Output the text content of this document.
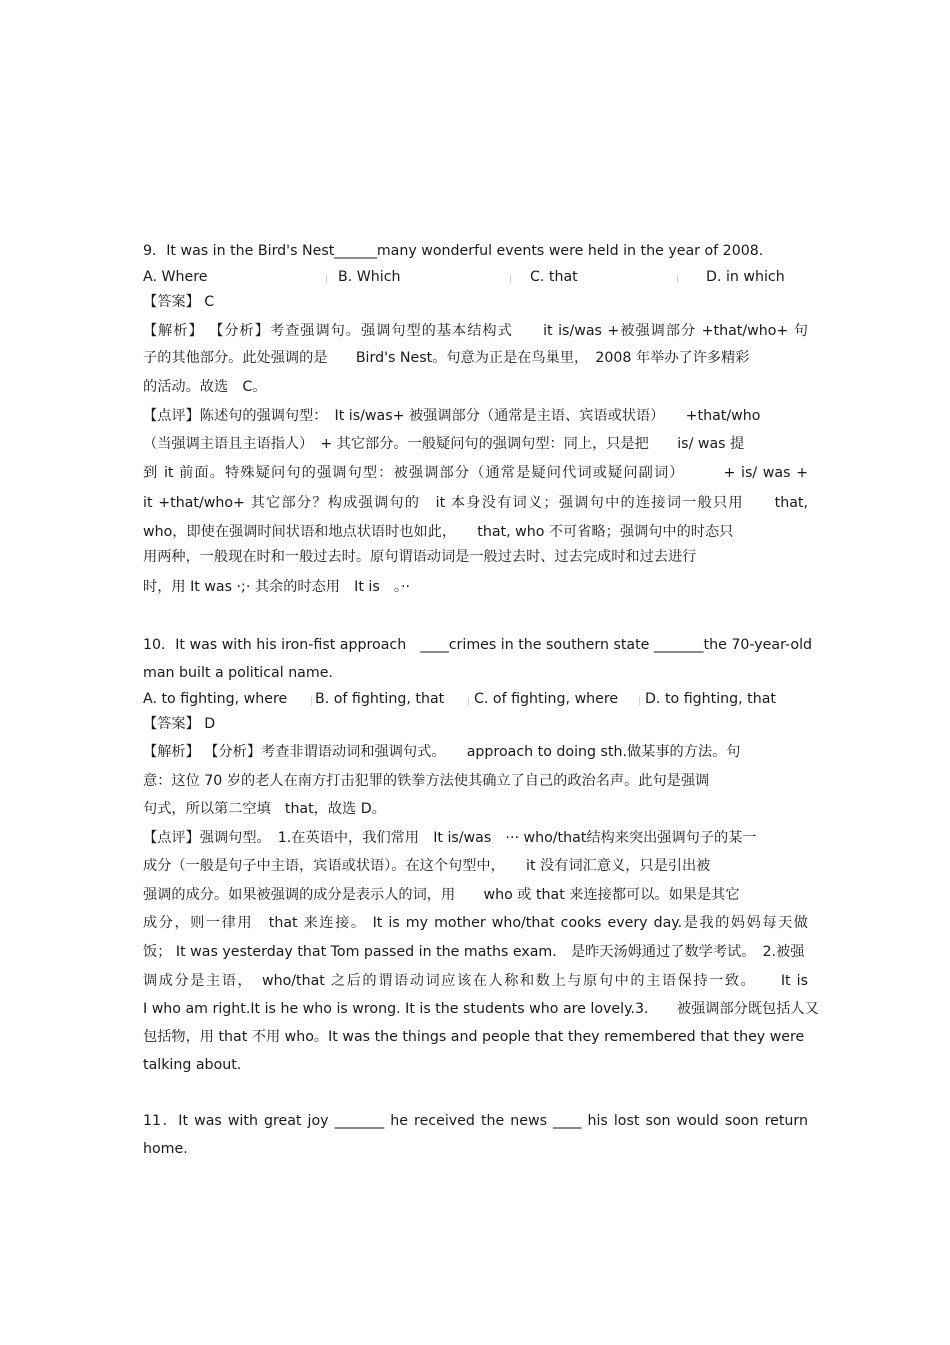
9．It was in the Bird's Nest______many wonderful events were held in the year of 2008.
A. Where	B. Which	C. that	D. in which
【答案】 C
【解析】 【分析】考查强调句。强调句型的基本结构式　　it is/was +被强调部分 +that/who+ 句
子的其他部分。此处强调的是　　Bird's Nest。句意为正是在鸟巢里，　2008 年举办了许多精彩
的活动。故选　C。
【点评】陈述句的强调句型：　It is/was+ 被强调部分（通常是主语、宾语或状语）　　+that/who
（当强调主语且主语指人）　+ 其它部分。一般疑问句的强调句型：同上，只是把　　is/ was 提
到 it 前面。特殊疑问句的强调句型：被强调部分（通常是疑问代词或疑问副词）　　　+ is/ was +
it +that/who+ 其它部分？构成强调句的　it 本身没有词义；强调句中的连接词一般只用　　that,
who，即使在强调时间状语和地点状语时也如此，　　that, who 不可省略；强调句中的时态只
用两种，一般现在时和一般过去时。原句谓语动词是一般过去时、过去完成时和过去进行
时，用 It was ·;· 其余的时态用　It is　。··
10．It was with his iron-fist approach　____crimes in the southern state _______the 70-year-old
man built a political name.
A. to fighting, where B. of fighting, that C. of fighting, where D. to fighting, that
【答案】 D
【解析】 【分析】考查非谓语动词和强调句式。　　approach to doing sth.做某事的方法。句
意：这位 70 岁的老人在南方打击犯罪的铁拳方法使其确立了自己的政治名声。此句是强调
句式，所以第二空填　that，故选 D。
【点评】强调句型。　1.在英语中，我们常用　It is/was　··· who/that结构来突出强调句子的某一
成分（一般是句子中主语，宾语或状语）。在这个句型中，　　it 没有词汇意义，只是引出被
强调的成分。如果被强调的成分是表示人的词，用　　who 或 that 来连接都可以。如果是其它
成分，则一律用　that 来连接。 It is my mother who/that cooks every day.是我的妈妈每天做
饭； It was yesterday that Tom passed in the maths exam.　是昨天汤姆通过了数学考试。　2.被强
调成分是主语，　who/that 之后的谓语动词应该在人称和数上与原句中的主语保持一致。　　It is
I who am right.It is he who is wrong. It is the students who are lovely.3.　　被强调部分既包括人又
包括物，用 that 不用 who。It was the things and people that they remembered that they were
talking about.
11．It was with great joy _______ he received the news ____ his lost son would soon return
home.
